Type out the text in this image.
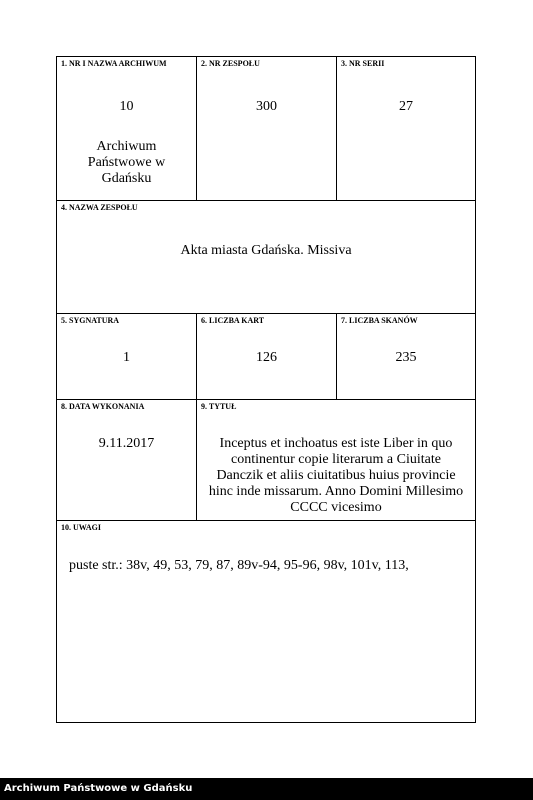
1. NR I NAZWA ARCHIWUM
10
Archiwum Państwowe w Gdańsku
2. NR ZESPOŁU
300
3. NR SERII
27
4. NAZWA ZESPOŁU
Akta miasta Gdańska. Missiva
5. SYGNATURA
1
6. LICZBA KART
126
7. LICZBA SKANÓW
235
8. DATA WYKONANIA
9.11.2017
9. TYTUŁ
Inceptus et inchoatus est iste Liber in quo continentur copie literarum a Ciuitate Danczik et aliis ciuitatibus huius provincie hinc inde missarum. Anno Domini Millesimo CCCC vicesimo
10. UWAGI
puste str.: 38v, 49, 53, 79, 87, 89v-94, 95-96, 98v, 101v, 113,
Archiwum Państwowe w Gdańsku
